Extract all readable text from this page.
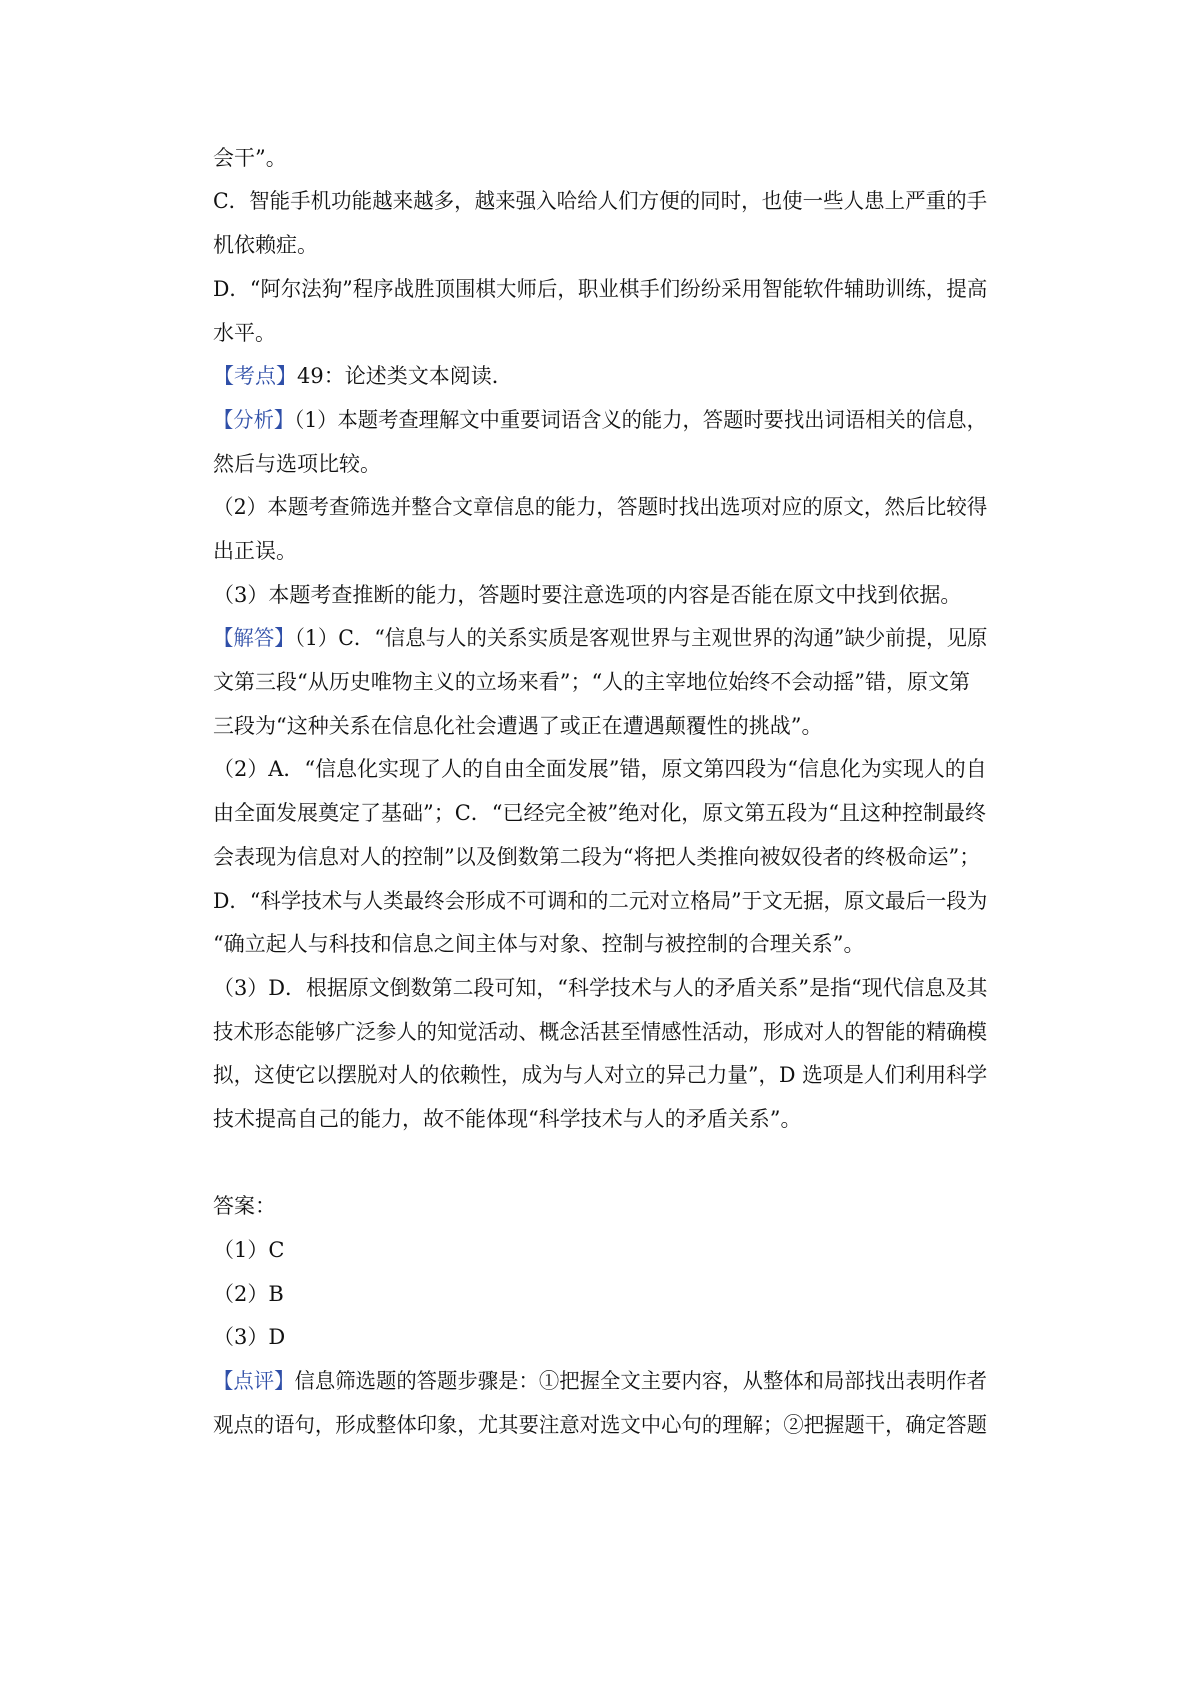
会干”。
C．智能手机功能越来越多，越来强入哈给人们方便的同时，也使一些人患上严重的手
机依赖症。
D．“阿尔法狗”程序战胜顶围棋大师后，职业棋手们纷纷采用智能软件辅助训练，提高
水平。
【考点】49：论述类文本阅读．
【分析】（1）本题考查理解文中重要词语含义的能力，答题时要找出词语相关的信息，
然后与选项比较。
（2）本题考查筛选并整合文章信息的能力，答题时找出选项对应的原文，然后比较得
出正误。
（3）本题考查推断的能力，答题时要注意选项的内容是否能在原文中找到依据。
【解答】（1）C．“信息与人的关系实质是客观世界与主观世界的沟通”缺少前提，见原
文第三段“从历史唯物主义的立场来看”；“人的主宰地位始终不会动摇”错，原文第
三段为“这种关系在信息化社会遭遇了或正在遭遇颠覆性的挑战”。
（2）A．“信息化实现了人的自由全面发展”错，原文第四段为“信息化为实现人的自
由全面发展奠定了基础”；C．“已经完全被”绝对化，原文第五段为“且这种控制最终
会表现为信息对人的控制”以及倒数第二段为“将把人类推向被奴役者的终极命运”；
D．“科学技术与人类最终会形成不可调和的二元对立格局”于文无据，原文最后一段为
“确立起人与科技和信息之间主体与对象、控制与被控制的合理关系”。
（3）D．根据原文倒数第二段可知，“科学技术与人的矛盾关系”是指“现代信息及其
技术形态能够广泛参人的知觉活动、概念活甚至情感性活动，形成对人的智能的精确模
拟，这使它以摆脱对人的依赖性，成为与人对立的异己力量”，D 选项是人们利用科学
技术提高自己的能力，故不能体现“科学技术与人的矛盾关系”。
答案：
（1）C
（2）B
（3）D
【点评】信息筛选题的答题步骤是：①把握全文主要内容，从整体和局部找出表明作者
观点的语句，形成整体印象，尤其要注意对选文中心句的理解；②把握题干，确定答题
